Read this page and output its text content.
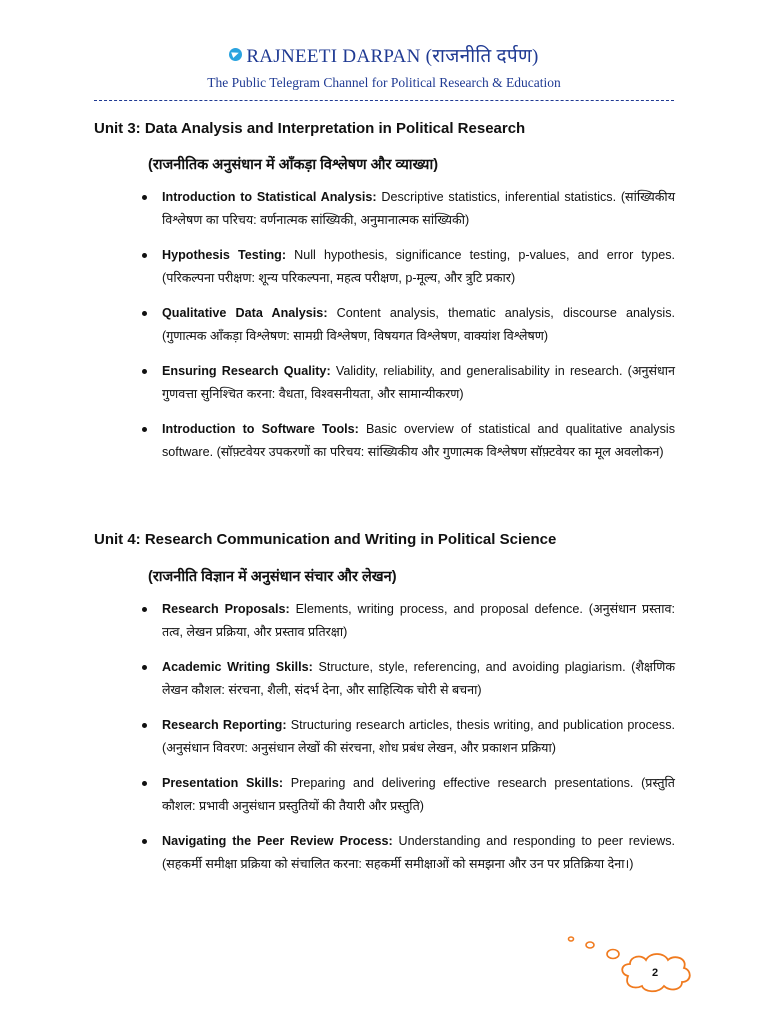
RAJNEETI DARPAN (राजनीति दर्पण)
The Public Telegram Channel for Political Research & Education
Unit 3: Data Analysis and Interpretation in Political Research
(राजनीतिक अनुसंधान में आँकड़ा विश्लेषण और व्याख्या)
Introduction to Statistical Analysis: Descriptive statistics, inferential statistics. (सांख्यिकीय विश्लेषण का परिचय: वर्णनात्मक सांख्यिकी, अनुमानात्मक सांख्यिकी)
Hypothesis Testing: Null hypothesis, significance testing, p-values, and error types. (परिकल्पना परीक्षण: शून्य परिकल्पना, महत्व परीक्षण, p-मूल्य, और त्रुटि प्रकार)
Qualitative Data Analysis: Content analysis, thematic analysis, discourse analysis. (गुणात्मक आँकड़ा विश्लेषण: सामग्री विश्लेषण, विषयगत विश्लेषण, वाक्यांश विश्लेषण)
Ensuring Research Quality: Validity, reliability, and generalisability in research. (अनुसंधान गुणवत्ता सुनिश्चित करना: वैधता, विश्वसनीयता, और सामान्यीकरण)
Introduction to Software Tools: Basic overview of statistical and qualitative analysis software. (सॉफ़्टवेयर उपकरणों का परिचय: सांख्यिकीय और गुणात्मक विश्लेषण सॉफ़्टवेयर का मूल अवलोकन)
Unit 4: Research Communication and Writing in Political Science
(राजनीति विज्ञान में अनुसंधान संचार और लेखन)
Research Proposals: Elements, writing process, and proposal defence. (अनुसंधान प्रस्ताव: तत्व, लेखन प्रक्रिया, और प्रस्ताव प्रतिरक्षा)
Academic Writing Skills: Structure, style, referencing, and avoiding plagiarism. (शैक्षणिक लेखन कौशल: संरचना, शैली, संदर्भ देना, और साहित्यिक चोरी से बचना)
Research Reporting: Structuring research articles, thesis writing, and publication process. (अनुसंधान विवरण: अनुसंधान लेखों की संरचना, शोध प्रबंध लेखन, और प्रकाशन प्रक्रिया)
Presentation Skills: Preparing and delivering effective research presentations. (प्रस्तुति कौशल: प्रभावी अनुसंधान प्रस्तुतियों की तैयारी और प्रस्तुति)
Navigating the Peer Review Process: Understanding and responding to peer reviews. (सहकर्मी समीक्षा प्रक्रिया को संचालित करना: सहकर्मी समीक्षाओं को समझना और उन पर प्रतिक्रिया देना।)
2
